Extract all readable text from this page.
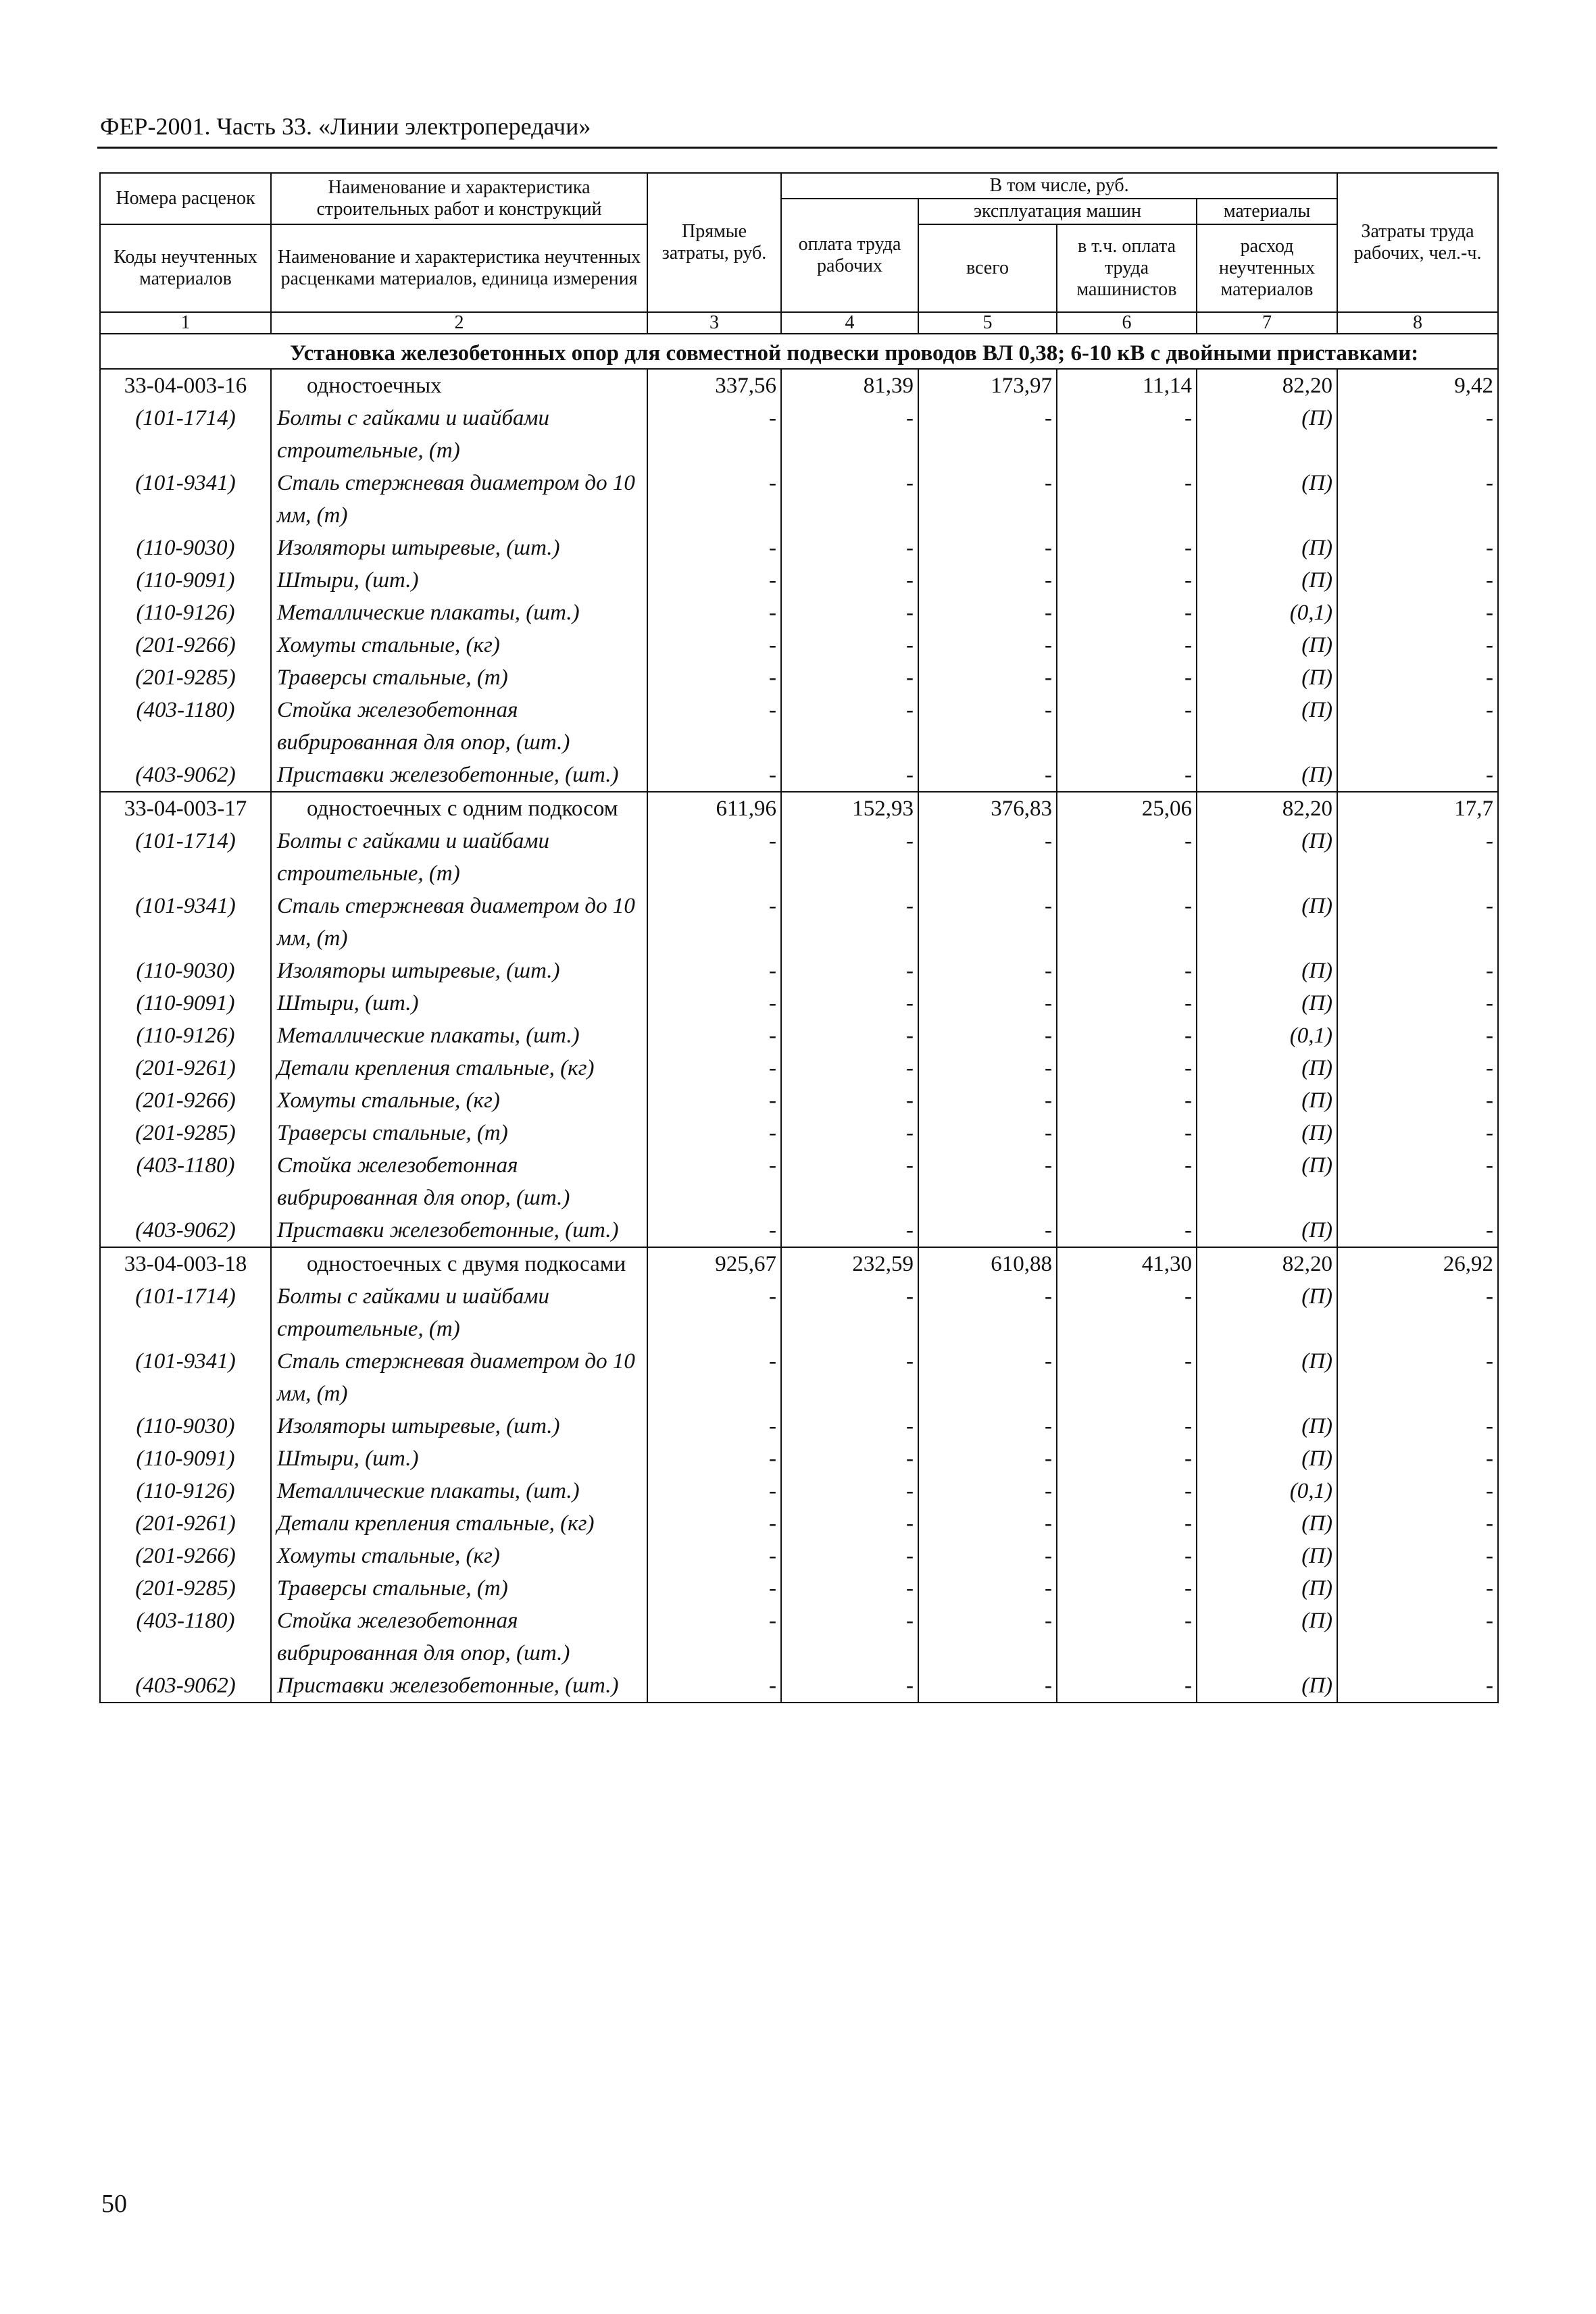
ФЕР-2001. Часть 33. «Линии электропередачи»
Номера расценок	Наименование и характеристика строительных работ и конструкций	Прямые затраты, руб.	В том числе, руб.				Затраты труда рабочих, чел.-ч.
			оплата труда рабочих	эксплуатация машин		материалы	
Коды неучтенных материалов	Наименование и характеристика неучтенных расценками материалов, единица измерения			всего	в т.ч. оплата труда машинистов	расход неучтенных материалов	

1	2	3	4	5	6	7	8
Установка железобетонных опор для совместной подвески проводов ВЛ 0,38; 6-10 кВ с двойными приставками:							
33-04-003-16	одностоечных	337,56	81,39	173,97	11,14	82,20	9,42
(101-1714)	Болты с гайками и шайбами строительные, (т)	-	-	-	-	(П)	-
(101-9341)	Сталь стержневая диаметром до 10 мм, (т)	-	-	-	-	(П)	-
(110-9030)	Изоляторы штыревые, (шт.)	-	-	-	-	(П)	-
(110-9091)	Штыри, (шт.)	-	-	-	-	(П)	-
(110-9126)	Металлические плакаты, (шт.)	-	-	-	-	(0,1)	-
(201-9266)	Хомуты стальные, (кг)	-	-	-	-	(П)	-
(201-9285)	Траверсы стальные, (т)	-	-	-	-	(П)	-
(403-1180)	Стойка железобетонная вибрированная для опор, (шт.)	-	-	-	-	(П)	-
(403-9062)	Приставки железобетонные, (шт.)	-	-	-	-	(П)	-
33-04-003-17	одностоечных с одним подкосом	611,96	152,93	376,83	25,06	82,20	17,7
(101-1714)	Болты с гайками и шайбами строительные, (т)	-	-	-	-	(П)	-
(101-9341)	Сталь стержневая диаметром до 10 мм, (т)	-	-	-	-	(П)	-
(110-9030)	Изоляторы штыревые, (шт.)	-	-	-	-	(П)	-
(110-9091)	Штыри, (шт.)	-	-	-	-	(П)	-
(110-9126)	Металлические плакаты, (шт.)	-	-	-	-	(0,1)	-
(201-9261)	Детали крепления стальные, (кг)	-	-	-	-	(П)	-
(201-9266)	Хомуты стальные, (кг)	-	-	-	-	(П)	-
(201-9285)	Траверсы стальные, (т)	-	-	-	-	(П)	-
(403-1180)	Стойка железобетонная вибрированная для опор, (шт.)	-	-	-	-	(П)	-
(403-9062)	Приставки железобетонные, (шт.)	-	-	-	-	(П)	-
33-04-003-18	одностоечных с двумя подкосами	925,67	232,59	610,88	41,30	82,20	26,92
(101-1714)	Болты с гайками и шайбами строительные, (т)	-	-	-	-	(П)	-
(101-9341)	Сталь стержневая диаметром до 10 мм, (т)	-	-	-	-	(П)	-
(110-9030)	Изоляторы штыревые, (шт.)	-	-	-	-	(П)	-
(110-9091)	Штыри, (шт.)	-	-	-	-	(П)	-
(110-9126)	Металлические плакаты, (шт.)	-	-	-	-	(0,1)	-
(201-9261)	Детали крепления стальные, (кг)	-	-	-	-	(П)	-
(201-9266)	Хомуты стальные, (кг)	-	-	-	-	(П)	-
(201-9285)	Траверсы стальные, (т)	-	-	-	-	(П)	-
(403-1180)	Стойка железобетонная вибрированная для опор, (шт.)	-	-	-	-	(П)	-
(403-9062)	Приставки железобетонные, (шт.)	-	-	-	-	(П)	-
50
